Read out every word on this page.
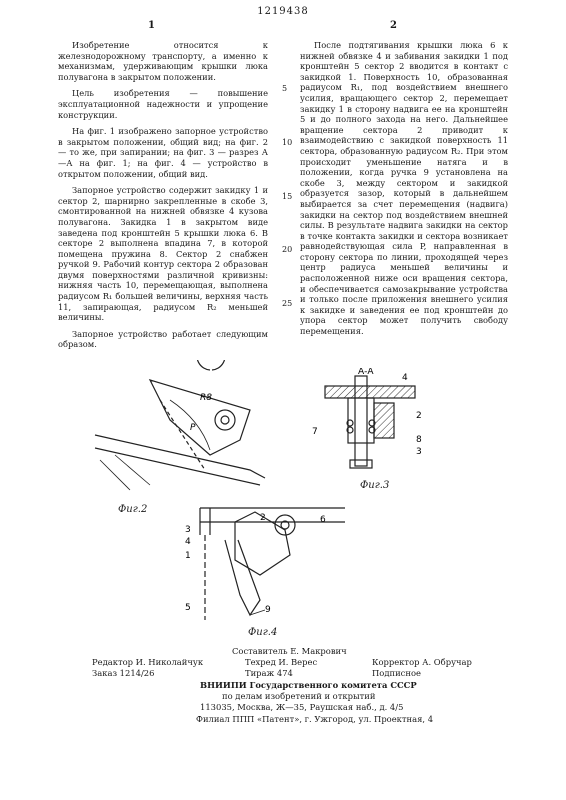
1219438
1	2

Изобретение относится к железнодорожному транспорту, а именно к механизмам, удерживающим крышки люка полувагона в закрытом положении.

Цель изобретения — повышение эксплуатационной надежности и упрощение конструкции.

На фиг. 1 изображено запорное устройство в закрытом положении, общий вид; на фиг. 2 — то же, при запирании; на фиг. 3 — разрез А—А на фиг. 1; на фиг. 4 — устройство в открытом положении, общий вид.

Запорное устройство содержит закидку 1 и сектор 2, шарнирно закрепленные в скобе 3, смонтированной на нижней обвязке 4 кузова полувагона. Закидка 1 в закрытом виде заведена под кронштейн 5 крышки люка 6. В секторе 2 выполнена впадина 7, в которой помещена пружина 8. Сектор 2 снабжен ручкой 9. Рабочий контур сектора 2 образован двумя поверхностями различной кривизны: нижняя часть 10, перемещающая, выполнена радиусом R₁ большей величины, верхняя часть 11, запирающая, радиусом R₂ меньшей величины.

Запорное устройство работает следующим образом.

После подтягивания крышки люка 6 к нижней обвязке 4 и забивания закидки 1 под кронштейн 5 сектор 2 вводится в контакт с закидкой 1. Поверхность 10, образованная радиусом R₁, под воздействием внешнего усилия, вращающего сектор 2, перемещает закидку 1 в сторону надвига ее на кронштейн 5 и до полного захода на него. Дальнейшее вращение сектора 2 приводит к взаимодействию с закидкой поверхность 11 сектора, образованную радиусом R₂. При этом происходит уменьшение натяга и в положении, когда ручка 9 установлена на скобе 3, между сектором и закидкой образуется зазор, который в дальнейшем выбирается за счет перемещения (надвига) закидки на сектор под воздействием внешней силы. В результате надвига закидки на сектор в точке контакта закидки и сектора возникает равнодействующая сила P, направленная в сторону сектора по линии, проходящей через центр радиуса меньшей величины и расположенной ниже оси вращения сектора, и обеспечивается самозакрывание устройства и только после приложения внешнего усилия к закидке и заведения ее под кронштейн до упора сектор может получить свободу перемещения.

5
10
15
20
25
R8
P
Фиг.2
А-А
4
2
7
8
3
Фиг.3
3
4
2
1
5
6
9
Фиг.4
Составитель Е. Макрович
Редактор И. Николайчук	Техред И. Верес	Корректор А. Обручар
Заказ 1214/26	Тираж 474	Подписное
ВНИИПИ Государственного комитета СССР
по делам изобретений и открытий
113035, Москва, Ж—35, Раушская наб., д. 4/5
Филиал ППП «Патент», г. Ужгород, ул. Проектная, 4
